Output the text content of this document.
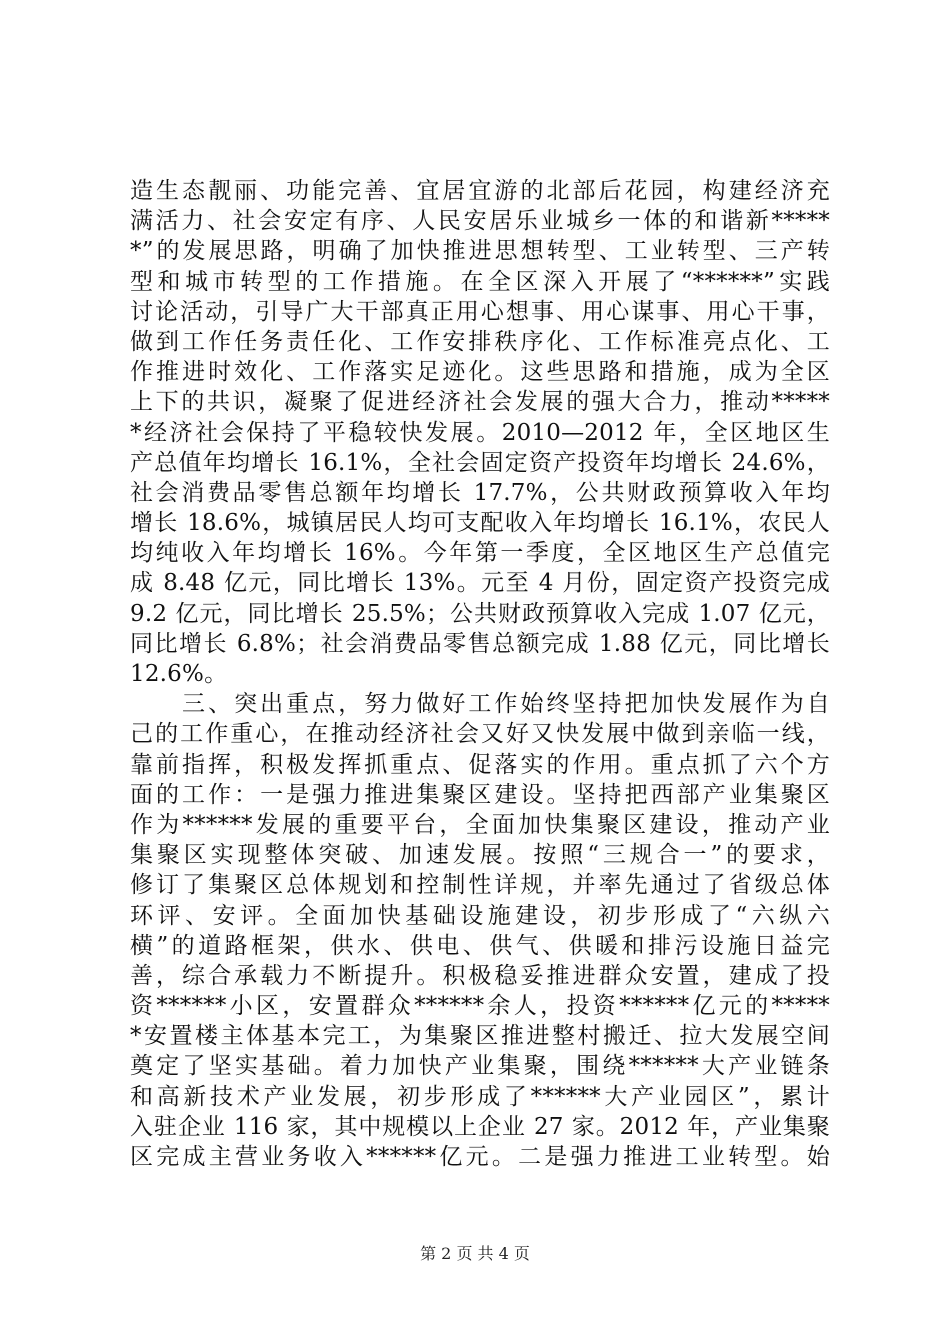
造生态靓丽、功能完善、宜居宜游的北部后花园，构建经济充
满活力、社会安定有序、人民安居乐业城乡一体的和谐新*****
*”的发展思路，明确了加快推进思想转型、工业转型、三产转
型和城市转型的工作措施。在全区深入开展了“******”实践
讨论活动，引导广大干部真正用心想事、用心谋事、用心干事，
做到工作任务责任化、工作安排秩序化、工作标准亮点化、工
作推进时效化、工作落实足迹化。这些思路和措施，成为全区
上下的共识，凝聚了促进经济社会发展的强大合力，推动*****
*经济社会保持了平稳较快发展。2010—2012 年，全区地区生
产总值年均增长 16.1%，全社会固定资产投资年均增长 24.6%，
社会消费品零售总额年均增长 17.7%，公共财政预算收入年均
增长 18.6%，城镇居民人均可支配收入年均增长 16.1%，农民人
均纯收入年均增长 16%。今年第一季度，全区地区生产总值完
成 8.48 亿元，同比增长 13%。元至 4 月份，固定资产投资完成
9.2 亿元，同比增长 25.5%；公共财政预算收入完成 1.07 亿元，
同比增长 6.8%；社会消费品零售总额完成 1.88 亿元，同比增长
12.6%。
　　三、突出重点，努力做好工作始终坚持把加快发展作为自
己的工作重心，在推动经济社会又好又快发展中做到亲临一线，
靠前指挥，积极发挥抓重点、促落实的作用。重点抓了六个方
面的工作：一是强力推进集聚区建设。坚持把西部产业集聚区
作为******发展的重要平台，全面加快集聚区建设，推动产业
集聚区实现整体突破、加速发展。按照“三规合一”的要求，
修订了集聚区总体规划和控制性详规，并率先通过了省级总体
环评、安评。全面加快基础设施建设，初步形成了“六纵六
横”的道路框架，供水、供电、供气、供暖和排污设施日益完
善，综合承载力不断提升。积极稳妥推进群众安置，建成了投
资******小区，安置群众******余人，投资******亿元的*****
*安置楼主体基本完工，为集聚区推进整村搬迁、拉大发展空间
奠定了坚实基础。着力加快产业集聚，围绕******大产业链条
和高新技术产业发展，初步形成了******大产业园区”，累计
入驻企业 116 家，其中规模以上企业 27 家。2012 年，产业集聚
区完成主营业务收入******亿元。二是强力推进工业转型。始
第 2 页 共 4 页
